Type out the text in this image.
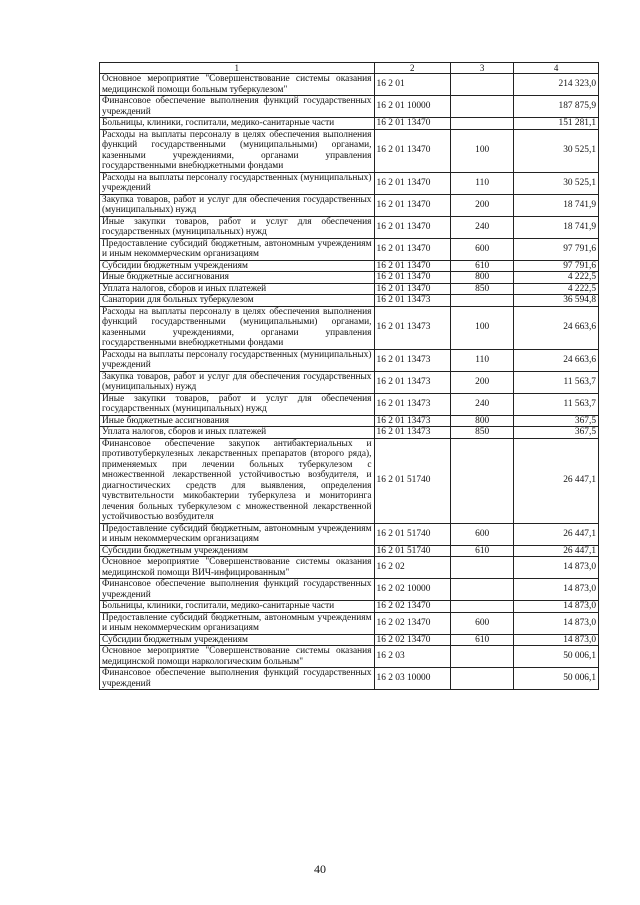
1	2	3	4
Основное мероприятие "Совершенствование системы оказания медицинской помощи больным туберкулезом"	16 2 01		214 323,0
Финансовое обеспечение выполнения функций государственных учреждений	16 2 01 10000		187 875,9
Больницы, клиники, госпитали, медико-санитарные части	16 2 01 13470		151 281,1
Расходы на выплаты персоналу в целях обеспечения выполнения функций государственными (муниципальными) органами, казенными учреждениями, органами управления государственными внебюджетными фондами	16 2 01 13470	100	30 525,1
Расходы на выплаты персоналу государственных (муниципальных) учреждений	16 2 01 13470	110	30 525,1
Закупка товаров, работ и услуг для обеспечения государственных (муниципальных) нужд	16 2 01 13470	200	18 741,9
Иные закупки товаров, работ и услуг для обеспечения государственных (муниципальных) нужд	16 2 01 13470	240	18 741,9
Предоставление субсидий бюджетным, автономным учреждениям и иным некоммерческим организациям	16 2 01 13470	600	97 791,6
Субсидии бюджетным учреждениям	16 2 01 13470	610	97 791,6
Иные бюджетные ассигнования	16 2 01 13470	800	4 222,5
Уплата налогов, сборов и иных платежей	16 2 01 13470	850	4 222,5
Санатории для больных туберкулезом	16 2 01 13473		36 594,8
Расходы на выплаты персоналу в целях обеспечения выполнения функций государственными (муниципальными) органами, казенными учреждениями, органами управления государственными внебюджетными фондами	16 2 01 13473	100	24 663,6
Расходы на выплаты персоналу государственных (муниципальных) учреждений	16 2 01 13473	110	24 663,6
Закупка товаров, работ и услуг для обеспечения государственных (муниципальных) нужд	16 2 01 13473	200	11 563,7
Иные закупки товаров, работ и услуг для обеспечения государственных (муниципальных) нужд	16 2 01 13473	240	11 563,7
Иные бюджетные ассигнования	16 2 01 13473	800	367,5
Уплата налогов, сборов и иных платежей	16 2 01 13473	850	367,5
Финансовое обеспечение закупок антибактериальных и противотуберкулезных лекарственных препаратов (второго ряда), применяемых при лечении больных туберкулезом с множественной лекарственной устойчивостью возбудителя, и диагностических средств для выявления, определения чувствительности микобактерии туберкулеза и мониторинга лечения больных туберкулезом с множественной лекарственной устойчивостью возбудителя	16 2 01 51740		26 447,1
Предоставление субсидий бюджетным, автономным учреждениям и иным некоммерческим организациям	16 2 01 51740	600	26 447,1
Субсидии бюджетным учреждениям	16 2 01 51740	610	26 447,1
Основное мероприятие "Совершенствование системы оказания медицинской помощи ВИЧ-инфицированным"	16 2 02		14 873,0
Финансовое обеспечение выполнения функций государственных учреждений	16 2 02 10000		14 873,0
Больницы, клиники, госпитали, медико-санитарные части	16 2 02 13470		14 873,0
Предоставление субсидий бюджетным, автономным учреждениям и иным некоммерческим организациям	16 2 02 13470	600	14 873,0
Субсидии бюджетным учреждениям	16 2 02 13470	610	14 873,0
Основное мероприятие "Совершенствование системы оказания медицинской помощи наркологическим больным"	16 2 03		50 006,1
Финансовое обеспечение выполнения функций государственных учреждений	16 2 03 10000		50 006,1
40
